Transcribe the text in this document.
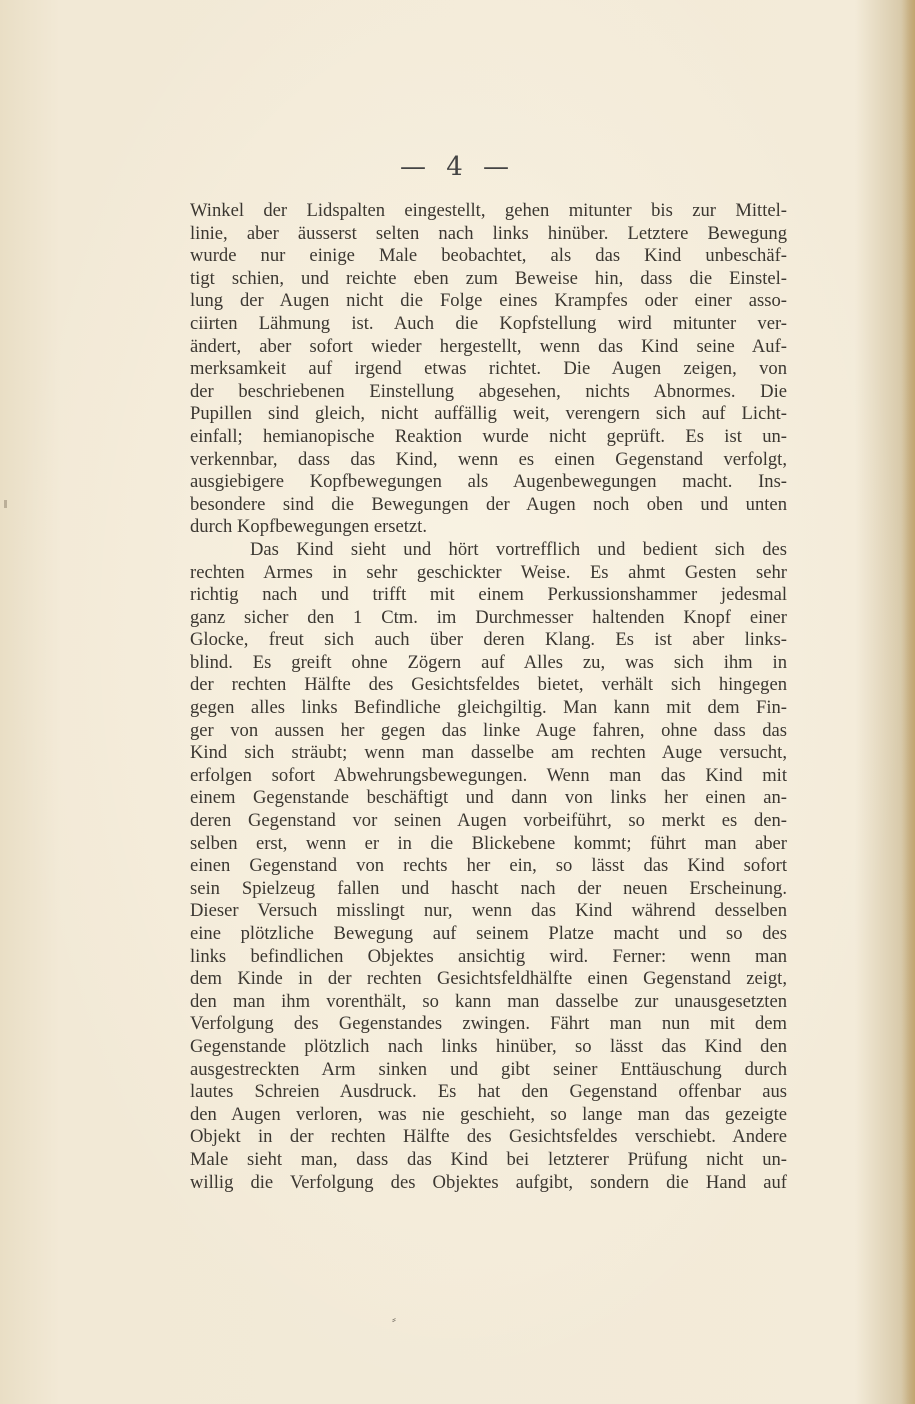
— 4 —
Winkel der Lidspalten eingestellt, gehen mitunter bis zur Mittel-
linie, aber äusserst selten nach links hinüber. Letztere Bewegung
wurde nur einige Male beobachtet, als das Kind unbeschäf-
tigt schien, und reichte eben zum Beweise hin, dass die Einstel-
lung der Augen nicht die Folge eines Krampfes oder einer asso-
ciirten Lähmung ist. Auch die Kopfstellung wird mitunter ver-
ändert, aber sofort wieder hergestellt, wenn das Kind seine Auf-
merksamkeit auf irgend etwas richtet. Die Augen zeigen, von
der beschriebenen Einstellung abgesehen, nichts Abnormes. Die
Pupillen sind gleich, nicht auffällig weit, verengern sich auf Licht-
einfall; hemianopische Reaktion wurde nicht geprüft. Es ist un-
verkennbar, dass das Kind, wenn es einen Gegenstand verfolgt,
ausgiebigere Kopfbewegungen als Augenbewegungen macht. Ins-
besondere sind die Bewegungen der Augen noch oben und unten
durch Kopfbewegungen ersetzt.
Das Kind sieht und hört vortrefflich und bedient sich des
rechten Armes in sehr geschickter Weise. Es ahmt Gesten sehr
richtig nach und trifft mit einem Perkussionshammer jedesmal
ganz sicher den 1 Ctm. im Durchmesser haltenden Knopf einer
Glocke, freut sich auch über deren Klang. Es ist aber links-
blind. Es greift ohne Zögern auf Alles zu, was sich ihm in
der rechten Hälfte des Gesichtsfeldes bietet, verhält sich hingegen
gegen alles links Befindliche gleichgiltig. Man kann mit dem Fin-
ger von aussen her gegen das linke Auge fahren, ohne dass das
Kind sich sträubt; wenn man dasselbe am rechten Auge versucht,
erfolgen sofort Abwehrungsbewegungen. Wenn man das Kind mit
einem Gegenstande beschäftigt und dann von links her einen an-
deren Gegenstand vor seinen Augen vorbeiführt, so merkt es den-
selben erst, wenn er in die Blickebene kommt; führt man aber
einen Gegenstand von rechts her ein, so lässt das Kind sofort
sein Spielzeug fallen und hascht nach der neuen Erscheinung.
Dieser Versuch misslingt nur, wenn das Kind während desselben
eine plötzliche Bewegung auf seinem Platze macht und so des
links befindlichen Objektes ansichtig wird. Ferner: wenn man
dem Kinde in der rechten Gesichtsfeldhälfte einen Gegenstand zeigt,
den man ihm vorenthält, so kann man dasselbe zur unausgesetzten
Verfolgung des Gegenstandes zwingen. Fährt man nun mit dem
Gegenstande plötzlich nach links hinüber, so lässt das Kind den
ausgestreckten Arm sinken und gibt seiner Enttäuschung durch
lautes Schreien Ausdruck. Es hat den Gegenstand offenbar aus
den Augen verloren, was nie geschieht, so lange man das gezeigte
Objekt in der rechten Hälfte des Gesichtsfeldes verschiebt. Andere
Male sieht man, dass das Kind bei letzterer Prüfung nicht un-
willig die Verfolgung des Objektes aufgibt, sondern die Hand auf
⸗
